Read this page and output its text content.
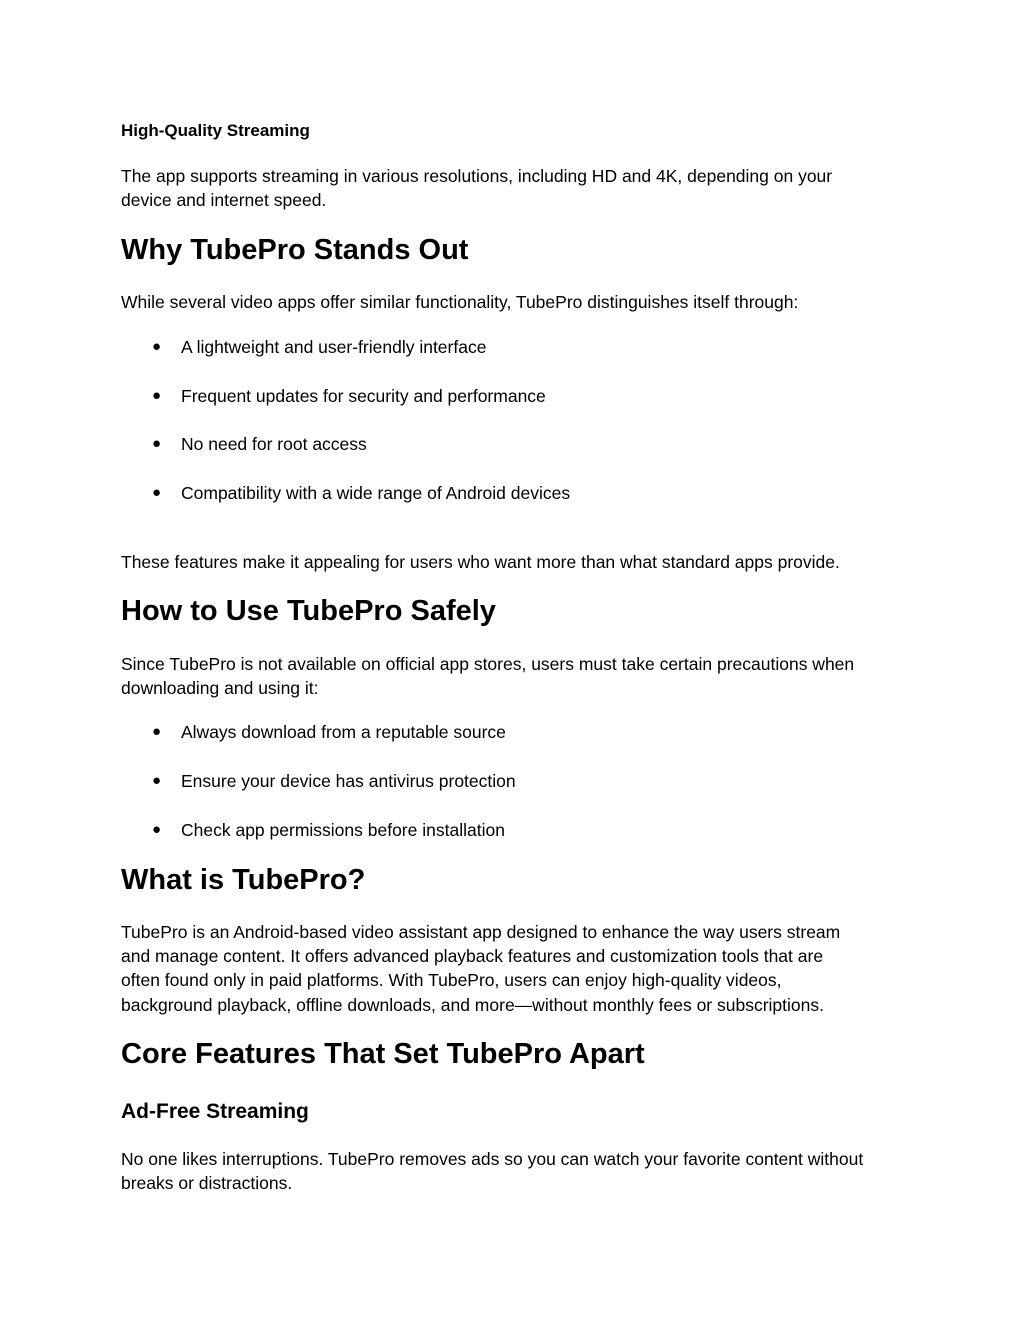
High-Quality Streaming

The app supports streaming in various resolutions, including HD and 4K, depending on your

device and internet speed.

Why TubePro Stands Out

While several video apps offer similar functionality, TubePro distinguishes itself through:

● A lightweight and user-friendly interface

● Frequent updates for security and performance

● No need for root access

● Compatibility with a wide range of Android devices

These features make it appealing for users who want more than what standard apps provide.

How to Use TubePro Safely

Since TubePro is not available on official app stores, users must take certain precautions when

downloading and using it:

● Always download from a reputable source

● Ensure your device has antivirus protection

● Check app permissions before installation

What is TubePro?

TubePro is an Android-based video assistant app designed to enhance the way users stream

and manage content. It offers advanced playback features and customization tools that are

often found only in paid platforms. With TubePro, users can enjoy high-quality videos,

background playback, offline downloads, and more—without monthly fees or subscriptions.

Core Features That Set TubePro Apart
Ad-Free Streaming

No one likes interruptions. TubePro removes ads so you can watch your favorite content without

breaks or distractions.
